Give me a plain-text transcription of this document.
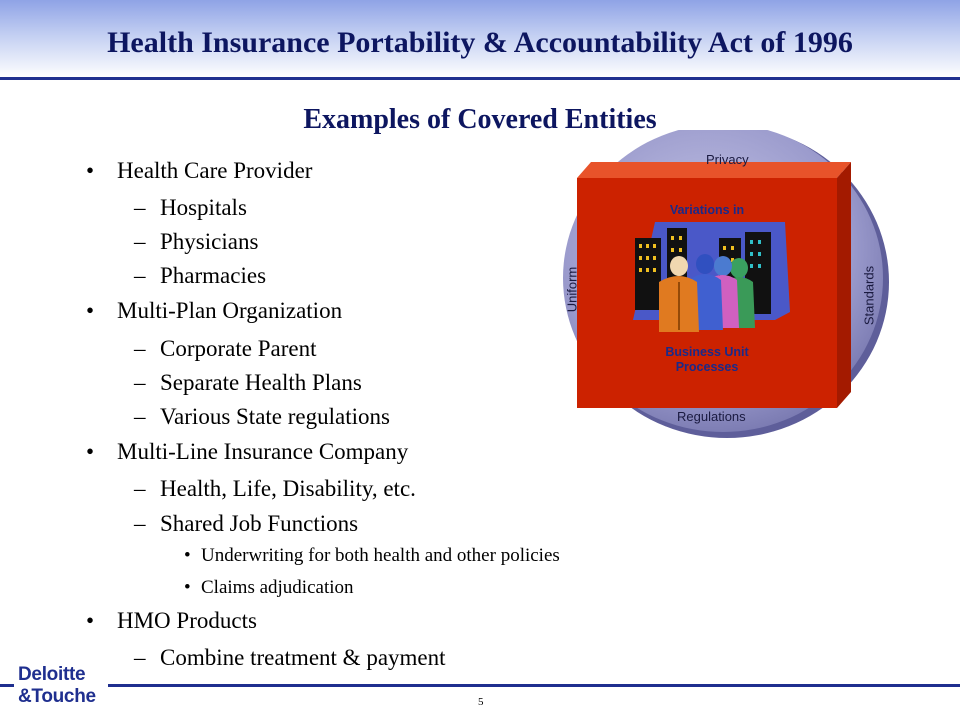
Health Insurance Portability & Accountability Act of 1996
Examples of Covered Entities
• Health Care Provider
– Hospitals
– Physicians
– Pharmacies
• Multi-Plan Organization
– Corporate Parent
– Separate Health Plans
– Various State regulations
• Multi-Line Insurance Company
– Health, Life, Disability, etc.
– Shared Job Functions
• Underwriting for both health and other policies
• Claims adjudication
• HMO Products
– Combine treatment & payment
Privacy
Regulations
Uniform	Standards
Variations in
Business Unit
Processes
Deloitte
&Touche	5
